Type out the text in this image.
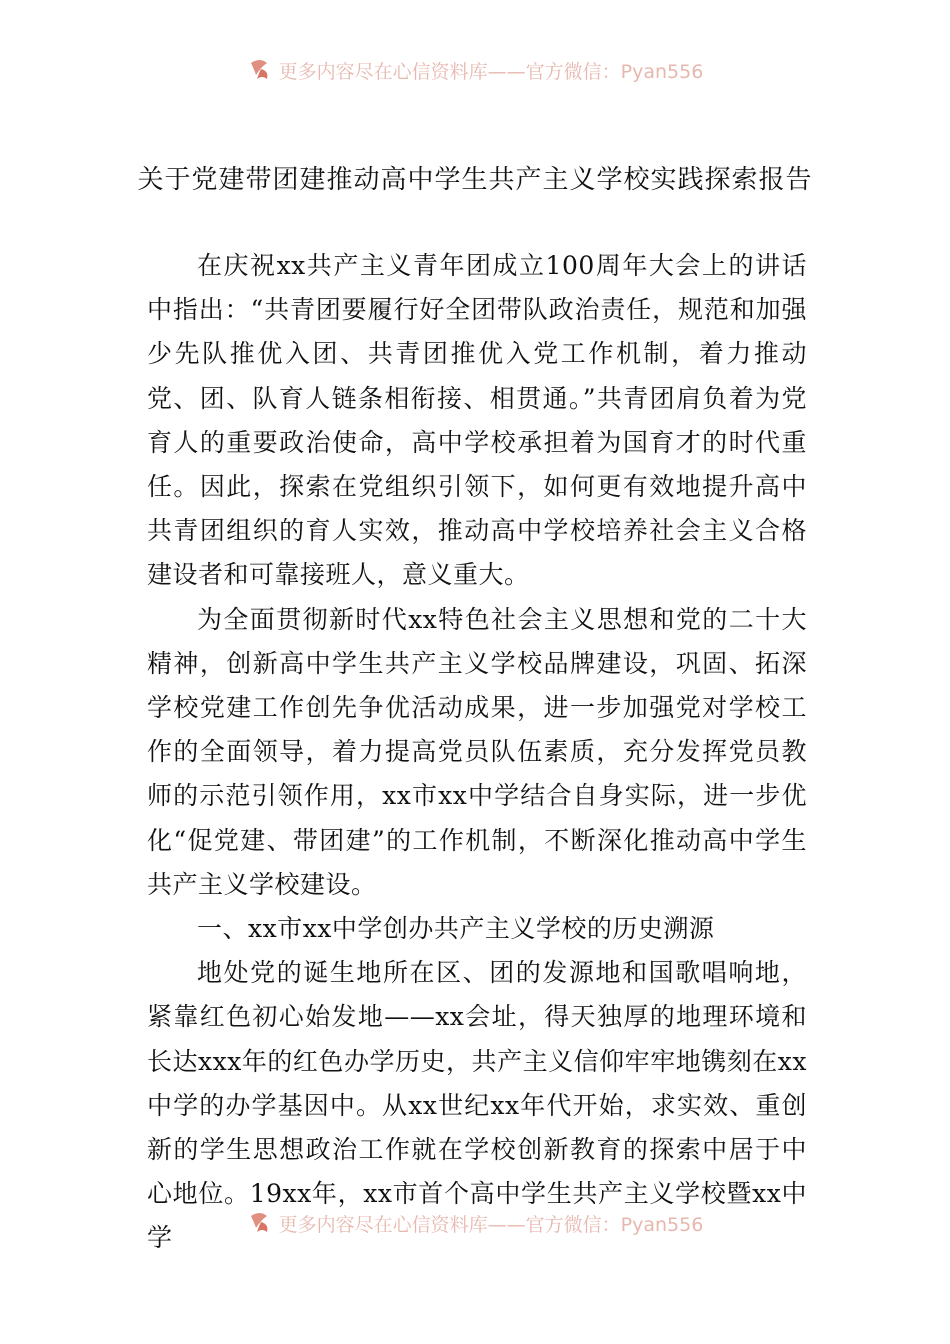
更多内容尽在心信资料库——官方微信：Pyan556
关于党建带团建推动高中学生共产主义学校实践探索报告

在庆祝xx共产主义青年团成立100周年大会上的讲话中指出：“共青团要履行好全团带队政治责任，规范和加强少先队推优入团、共青团推优入党工作机制，着力推动党、团、队育人链条相衔接、相贯通。”共青团肩负着为党育人的重要政治使命，高中学校承担着为国育才的时代重任。因此，探索在党组织引领下，如何更有效地提升高中共青团组织的育人实效，推动高中学校培养社会主义合格建设者和可靠接班人，意义重大。

为全面贯彻新时代xx特色社会主义思想和党的二十大精神，创新高中学生共产主义学校品牌建设，巩固、拓深学校党建工作创先争优活动成果，进一步加强党对学校工作的全面领导，着力提高党员队伍素质，充分发挥党员教师的示范引领作用，xx市xx中学结合自身实际，进一步优化“促党建、带团建”的工作机制，不断深化推动高中学生共产主义学校建设。

一、xx市xx中学创办共产主义学校的历史溯源

地处党的诞生地所在区、团的发源地和国歌唱响地，紧靠红色初心始发地——xx会址，得天独厚的地理环境和长达xxx年的红色办学历史，共产主义信仰牢牢地镌刻在xx中学的办学基因中。从xx世纪xx年代开始，求实效、重创新的学生思想政治工作就在学校创新教育的探索中居于中心地位。19xx年，xx市首个高中学生共产主义学校暨xx中学	更多内容尽在心信资料库——官方微信：Pyan556
